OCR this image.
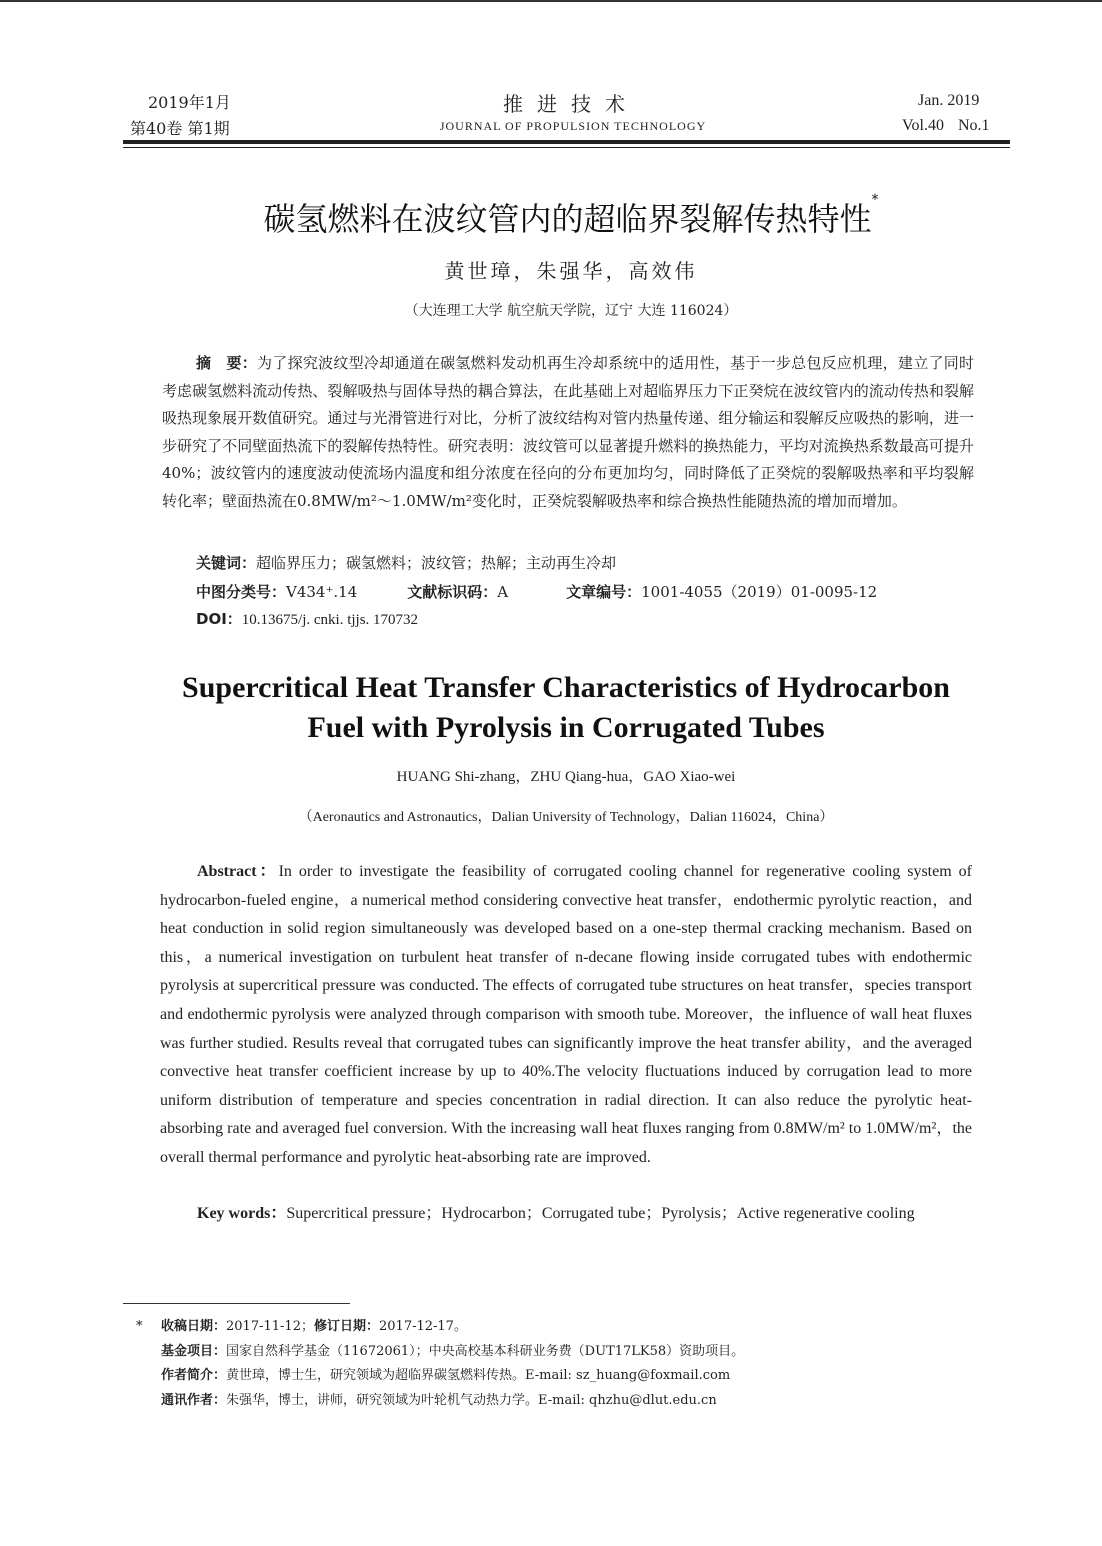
2019年1月
第40卷 第1期
推进技术
JOURNAL OF PROPULSION TECHNOLOGY
Jan. 2019
Vol.40 No.1
碳氢燃料在波纹管内的超临界裂解传热特性*
黄世璋，朱强华，高效伟
（大连理工大学 航空航天学院，辽宁 大连 116024）
摘　要：为了探究波纹型冷却通道在碳氢燃料发动机再生冷却系统中的适用性，基于一步总包反应机理，建立了同时考虑碳氢燃料流动传热、裂解吸热与固体导热的耦合算法，在此基础上对超临界压力下正癸烷在波纹管内的流动传热和裂解吸热现象展开数值研究。通过与光滑管进行对比，分析了波纹结构对管内热量传递、组分输运和裂解反应吸热的影响，进一步研究了不同壁面热流下的裂解传热特性。研究表明：波纹管可以显著提升燃料的换热能力，平均对流换热系数最高可提升40%；波纹管内的速度波动使流场内温度和组分浓度在径向的分布更加均匀，同时降低了正癸烷的裂解吸热率和平均裂解转化率；壁面热流在0.8MW/m²～1.0MW/m²变化时，正癸烷裂解吸热率和综合换热性能随热流的增加而增加。
关键词：超临界压力；碳氢燃料；波纹管；热解；主动再生冷却
中图分类号：V434⁺.14	文献标识码：A	文章编号：1001-4055（2019）01-0095-12
DOI：10.13675/j. cnki. tjjs. 170732
Supercritical Heat Transfer Characteristics of Hydrocarbon
Fuel with Pyrolysis in Corrugated Tubes
HUANG Shi-zhang，ZHU Qiang-hua，GAO Xiao-wei
（Aeronautics and Astronautics，Dalian University of Technology，Dalian 116024，China）
Abstract：In order to investigate the feasibility of corrugated cooling channel for regenerative cooling system of hydrocarbon-fueled engine，a numerical method considering convective heat transfer，endothermic pyrolytic reaction，and heat conduction in solid region simultaneously was developed based on a one-step thermal cracking mechanism. Based on this，a numerical investigation on turbulent heat transfer of n-decane flowing inside corrugated tubes with endothermic pyrolysis at supercritical pressure was conducted. The effects of corrugated tube structures on heat transfer，species transport and endothermic pyrolysis were analyzed through comparison with smooth tube. Moreover，the influence of wall heat fluxes was further studied. Results reveal that corrugated tubes can significantly improve the heat transfer ability，and the averaged convective heat transfer coefficient increase by up to 40%.The velocity fluctuations induced by corrugation lead to more uniform distribution of temperature and species concentration in radial direction. It can also reduce the pyrolytic heat-absorbing rate and averaged fuel conversion. With the increasing wall heat fluxes ranging from 0.8MW/m² to 1.0MW/m²，the overall thermal performance and pyrolytic heat-absorbing rate are improved.
Key words：Supercritical pressure；Hydrocarbon；Corrugated tube；Pyrolysis；Active regenerative cooling
* 收稿日期：2017-11-12；修订日期：2017-12-17。
基金项目：国家自然科学基金（11672061）；中央高校基本科研业务费（DUT17LK58）资助项目。
作者简介：黄世璋，博士生，研究领域为超临界碳氢燃料传热。E-mail: sz_huang@foxmail.com
通讯作者：朱强华，博士，讲师，研究领域为叶轮机气动热力学。E-mail: qhzhu@dlut.edu.cn
